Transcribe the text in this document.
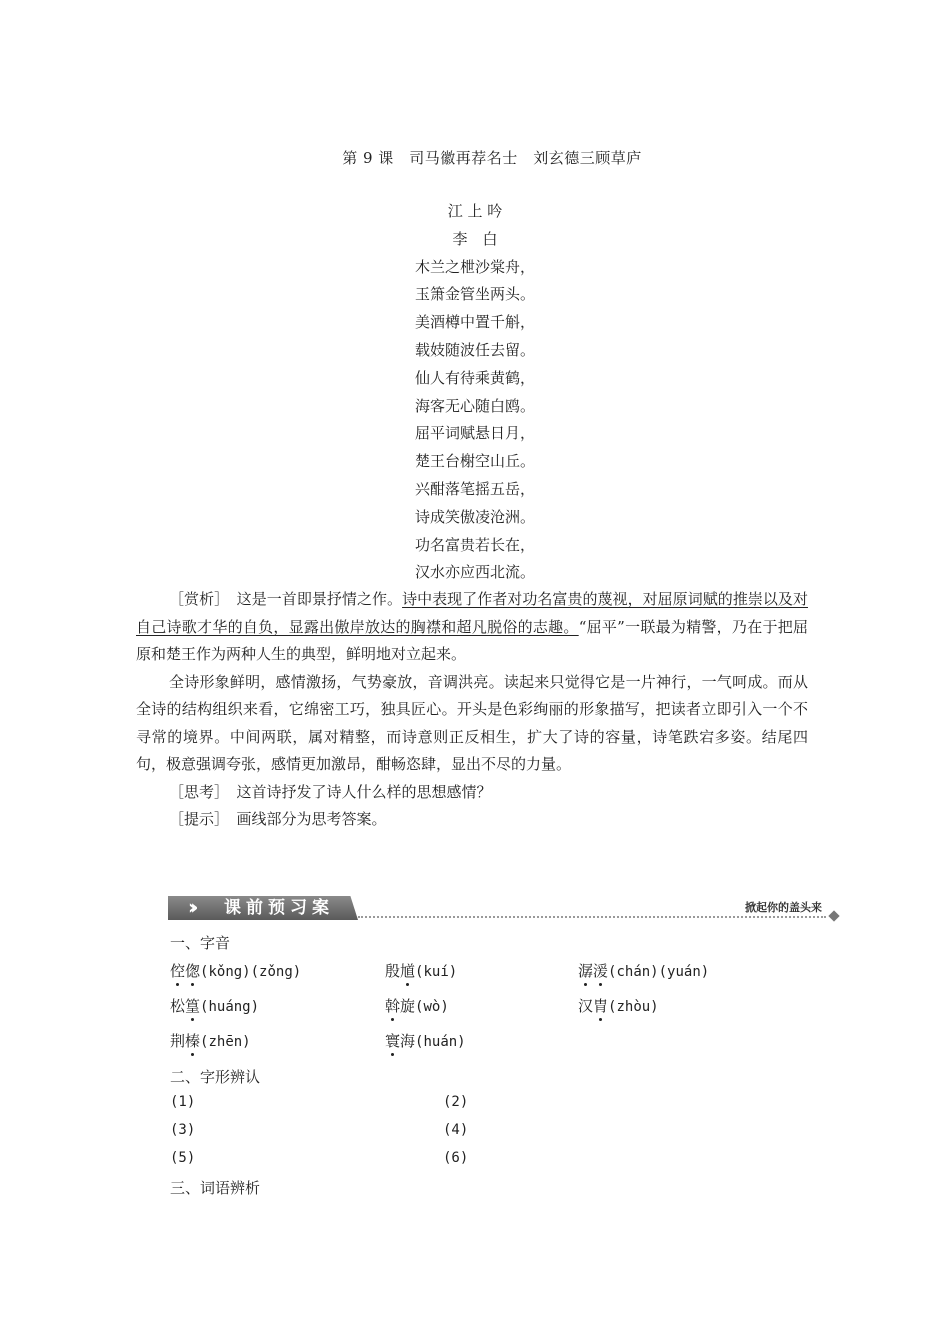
第 9 课　司马徽再荐名士　刘玄德三顾草庐
江 上 吟
李　白
木兰之枻沙棠舟，
玉箫金管坐两头。
美酒樽中置千斛，
载妓随波任去留。
仙人有待乘黄鹤，
海客无心随白鸥。
屈平词赋悬日月，
楚王台榭空山丘。
兴酣落笔摇五岳，
诗成笑傲凌沧洲。
功名富贵若长在，
汉水亦应西北流。

［赏析］　这是一首即景抒情之作。诗中表现了作者对功名富贵的蔑视，对屈原词赋的推崇以及对自己诗歌才华的自负，显露出傲岸放达的胸襟和超凡脱俗的志趣。“屈平”一联最为精警，乃在于把屈原和楚王作为两种人生的典型，鲜明地对立起来。

全诗形象鲜明，感情激扬，气势豪放，音调洪亮。读起来只觉得它是一片神行，一气呵成。而从全诗的结构组织来看，它绵密工巧，独具匠心。开头是色彩绚丽的形象描写，把读者立即引入一个不寻常的境界。中间两联，属对精整，而诗意则正反相生，扩大了诗的容量，诗笔跌宕多姿。结尾四句，极意强调夸张，感情更加激昂，酣畅恣肆，显出不尽的力量。

［思考］　这首诗抒发了诗人什么样的思想感情？

［提示］　画线部分为思考答案。

›› 课前预习案	掀起你的盖头来
一、字音
倥偬(kǒng)(zǒng)	殷馗(kuí)	潺湲(chán)(yuán)
松篁(huáng)	斡旋(wò)	汉胄(zhòu)
荆榛(zhēn)	寰海(huán)
二、字形辨认
(1)	(2)
(3)	(4)
(5)	(6)
三、词语辨析
